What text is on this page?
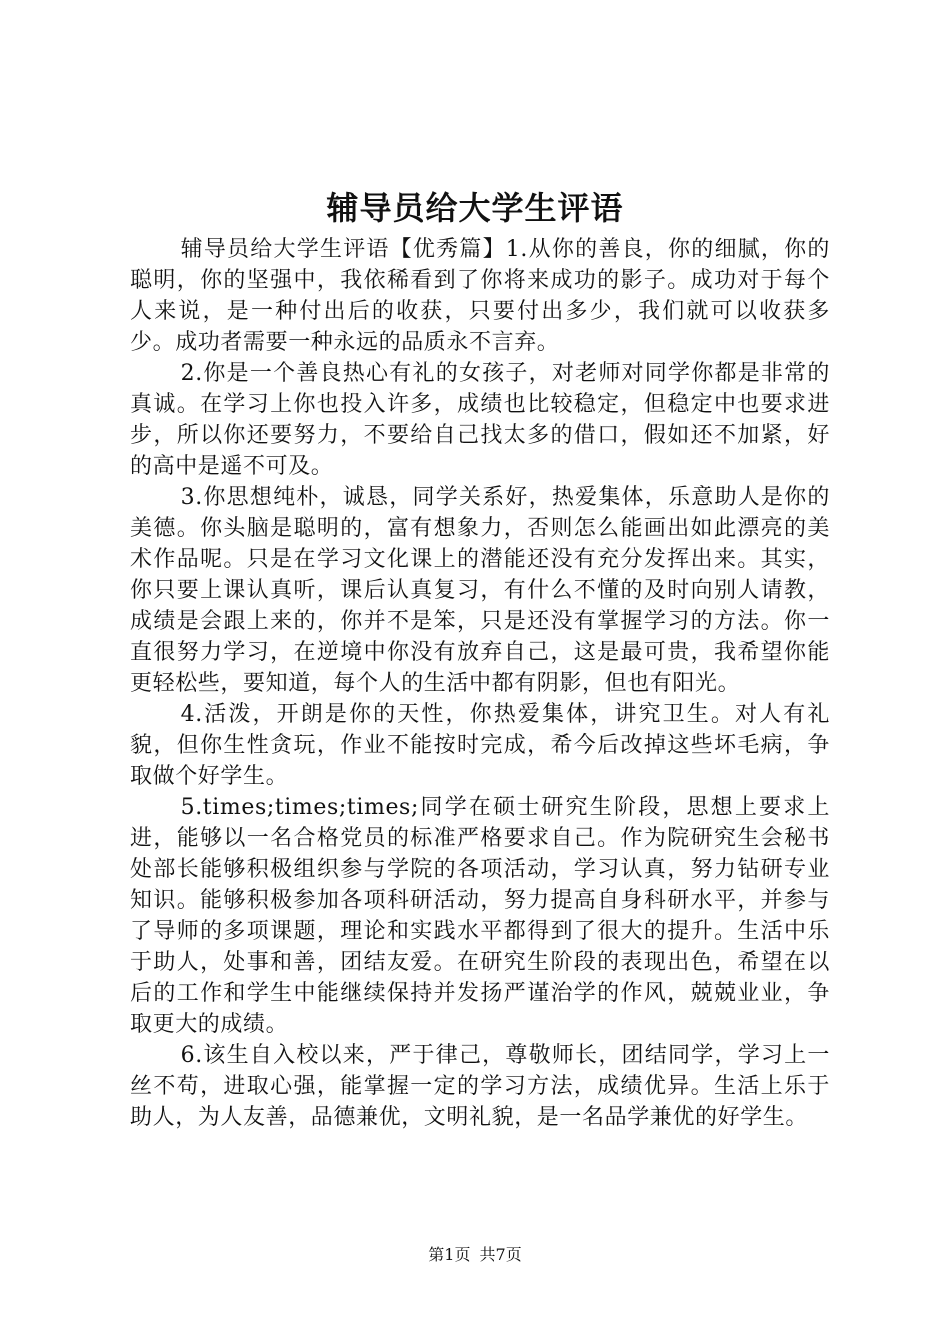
辅导员给大学生评语

辅导员给大学生评语【优秀篇】1.从你的善良，你的细腻，你的聪明，你的坚强中，我依稀看到了你将来成功的影子。成功对于每个人来说，是一种付出后的收获，只要付出多少，我们就可以收获多少。成功者需要一种永远的品质永不言弃。

2.你是一个善良热心有礼的女孩子，对老师对同学你都是非常的真诚。在学习上你也投入许多，成绩也比较稳定，但稳定中也要求进步，所以你还要努力，不要给自己找太多的借口，假如还不加紧，好的高中是遥不可及。

3.你思想纯朴，诚恳，同学关系好，热爱集体，乐意助人是你的美德。你头脑是聪明的，富有想象力，否则怎么能画出如此漂亮的美术作品呢。只是在学习文化课上的潜能还没有充分发挥出来。其实，你只要上课认真听，课后认真复习，有什么不懂的及时向别人请教，成绩是会跟上来的，你并不是笨，只是还没有掌握学习的方法。你一直很努力学习，在逆境中你没有放弃自己，这是最可贵，我希望你能更轻松些，要知道，每个人的生活中都有阴影，但也有阳光。

4.活泼，开朗是你的天性，你热爱集体，讲究卫生。对人有礼貌，但你生性贪玩，作业不能按时完成，希今后改掉这些坏毛病，争取做个好学生。

5.times;times;times;同学在硕士研究生阶段，思想上要求上进，能够以一名合格党员的标准严格要求自己。作为院研究生会秘书处部长能够积极组织参与学院的各项活动，学习认真，努力钻研专业知识。能够积极参加各项科研活动，努力提高自身科研水平，并参与了导师的多项课题，理论和实践水平都得到了很大的提升。生活中乐于助人，处事和善，团结友爱。在研究生阶段的表现出色，希望在以后的工作和学生中能继续保持并发扬严谨治学的作风，兢兢业业，争取更大的成绩。

6.该生自入校以来，严于律己，尊敬师长，团结同学，学习上一丝不苟，进取心强，能掌握一定的学习方法，成绩优异。生活上乐于助人，为人友善，品德兼优，文明礼貌，是一名品学兼优的好学生。

第1页 共7页
